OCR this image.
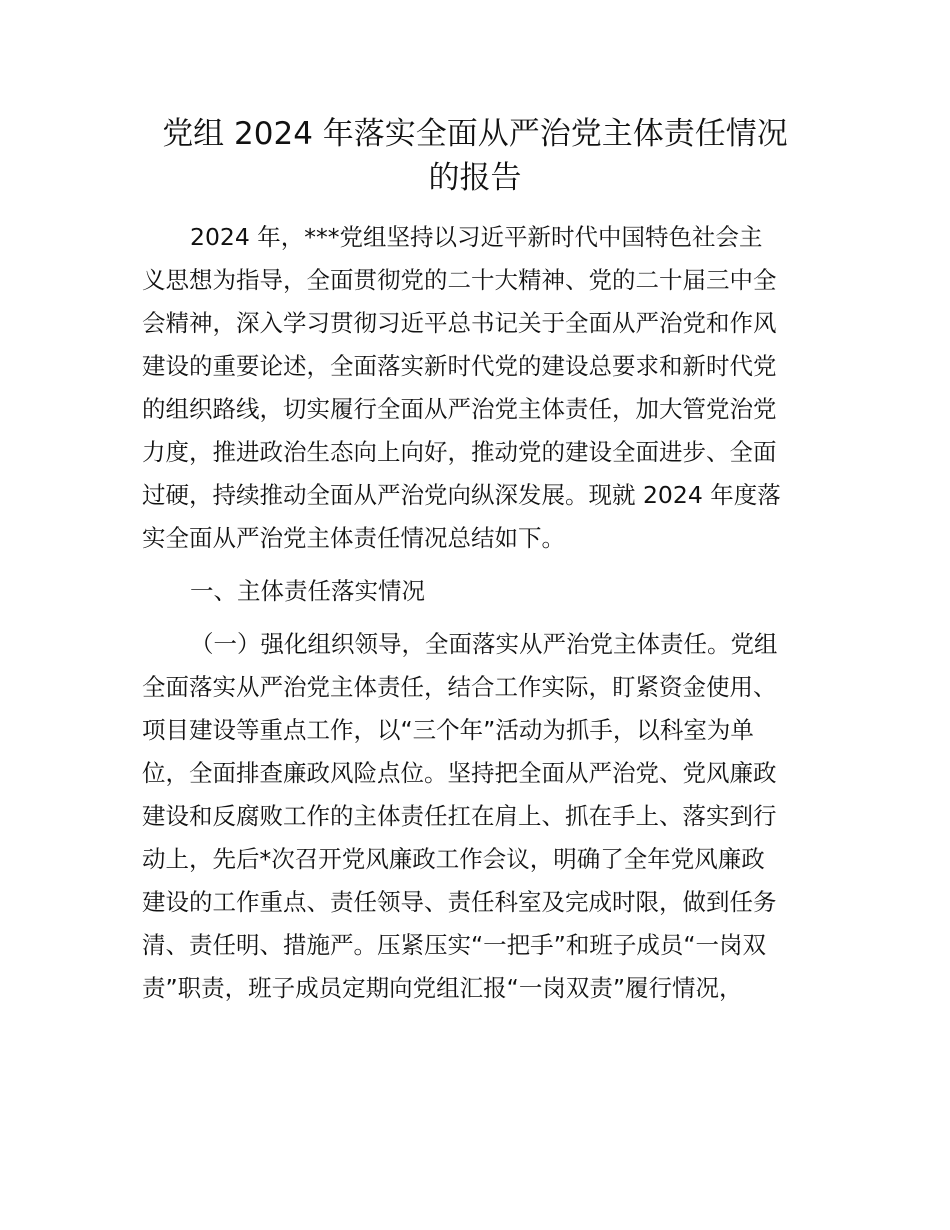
党组 2024 年落实全面从严治党主体责任情况
的报告
2024 年，***党组坚持以习近平新时代中国特色社会主
义思想为指导，全面贯彻党的二十大精神、党的二十届三中全
会精神，深入学习贯彻习近平总书记关于全面从严治党和作风
建设的重要论述，全面落实新时代党的建设总要求和新时代党
的组织路线，切实履行全面从严治党主体责任，加大管党治党
力度，推进政治生态向上向好，推动党的建设全面进步、全面
过硬，持续推动全面从严治党向纵深发展。现就 2024 年度落
实全面从严治党主体责任情况总结如下。
一、主体责任落实情况
（一）强化组织领导，全面落实从严治党主体责任。党组
全面落实从严治党主体责任，结合工作实际，盯紧资金使用、
项目建设等重点工作，以“三个年”活动为抓手，以科室为单
位，全面排查廉政风险点位。坚持把全面从严治党、党风廉政
建设和反腐败工作的主体责任扛在肩上、抓在手上、落实到行
动上，先后*次召开党风廉政工作会议，明确了全年党风廉政
建设的工作重点、责任领导、责任科室及完成时限，做到任务
清、责任明、措施严。压紧压实“一把手”和班子成员“一岗双
责”职责，班子成员定期向党组汇报“一岗双责”履行情况，
